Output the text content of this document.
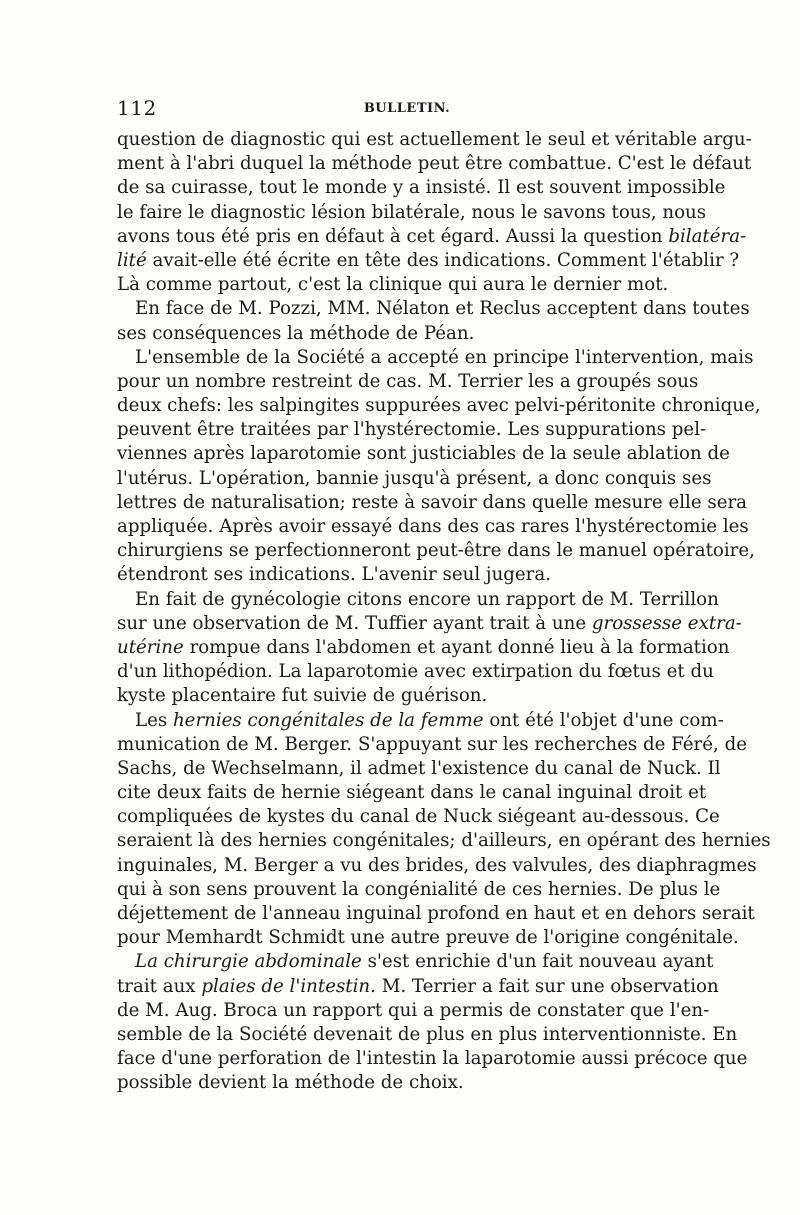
112	BULLETIN.
question de diagnostic qui est actuellement le seul et véritable argu-
ment à l'abri duquel la méthode peut être combattue. C'est le défaut
de sa cuirasse, tout le monde y a insisté. Il est souvent impossible
le faire le diagnostic lésion bilatérale, nous le savons tous, nous
avons tous été pris en défaut à cet égard. Aussi la question bilatéra-
lité avait-elle été écrite en tête des indications. Comment l'établir ?
Là comme partout, c'est la clinique qui aura le dernier mot.
En face de M. Pozzi, MM. Nélaton et Reclus acceptent dans toutes
ses conséquences la méthode de Péan.
L'ensemble de la Société a accepté en principe l'intervention, mais
pour un nombre restreint de cas. M. Terrier les a groupés sous
deux chefs: les salpingites suppurées avec pelvi-péritonite chronique,
peuvent être traitées par l'hystérectomie. Les suppurations pel-
viennes après laparotomie sont justiciables de la seule ablation de
l'utérus. L'opération, bannie jusqu'à présent, a donc conquis ses
lettres de naturalisation; reste à savoir dans quelle mesure elle sera
appliquée. Après avoir essayé dans des cas rares l'hystérectomie les
chirurgiens se perfectionneront peut-être dans le manuel opératoire,
étendront ses indications. L'avenir seul jugera.
En fait de gynécologie citons encore un rapport de M. Terrillon
sur une observation de M. Tuffier ayant trait à une grossesse extra-
utérine rompue dans l'abdomen et ayant donné lieu à la formation
d'un lithopédion. La laparotomie avec extirpation du fœtus et du
kyste placentaire fut suivie de guérison.
Les hernies congénitales de la femme ont été l'objet d'une com-
munication de M. Berger. S'appuyant sur les recherches de Féré, de
Sachs, de Wechselmann, il admet l'existence du canal de Nuck. Il
cite deux faits de hernie siégeant dans le canal inguinal droit et
compliquées de kystes du canal de Nuck siégeant au-dessous. Ce
seraient là des hernies congénitales; d'ailleurs, en opérant des hernies
inguinales, M. Berger a vu des brides, des valvules, des diaphragmes
qui à son sens prouvent la congénialité de ces hernies. De plus le
déjettement de l'anneau inguinal profond en haut et en dehors serait
pour Memhardt Schmidt une autre preuve de l'origine congénitale.
La chirurgie abdominale s'est enrichie d'un fait nouveau ayant
trait aux plaies de l'intestin. M. Terrier a fait sur une observation
de M. Aug. Broca un rapport qui a permis de constater que l'en-
semble de la Société devenait de plus en plus interventionniste. En
face d'une perforation de l'intestin la laparotomie aussi précoce que
possible devient la méthode de choix.
